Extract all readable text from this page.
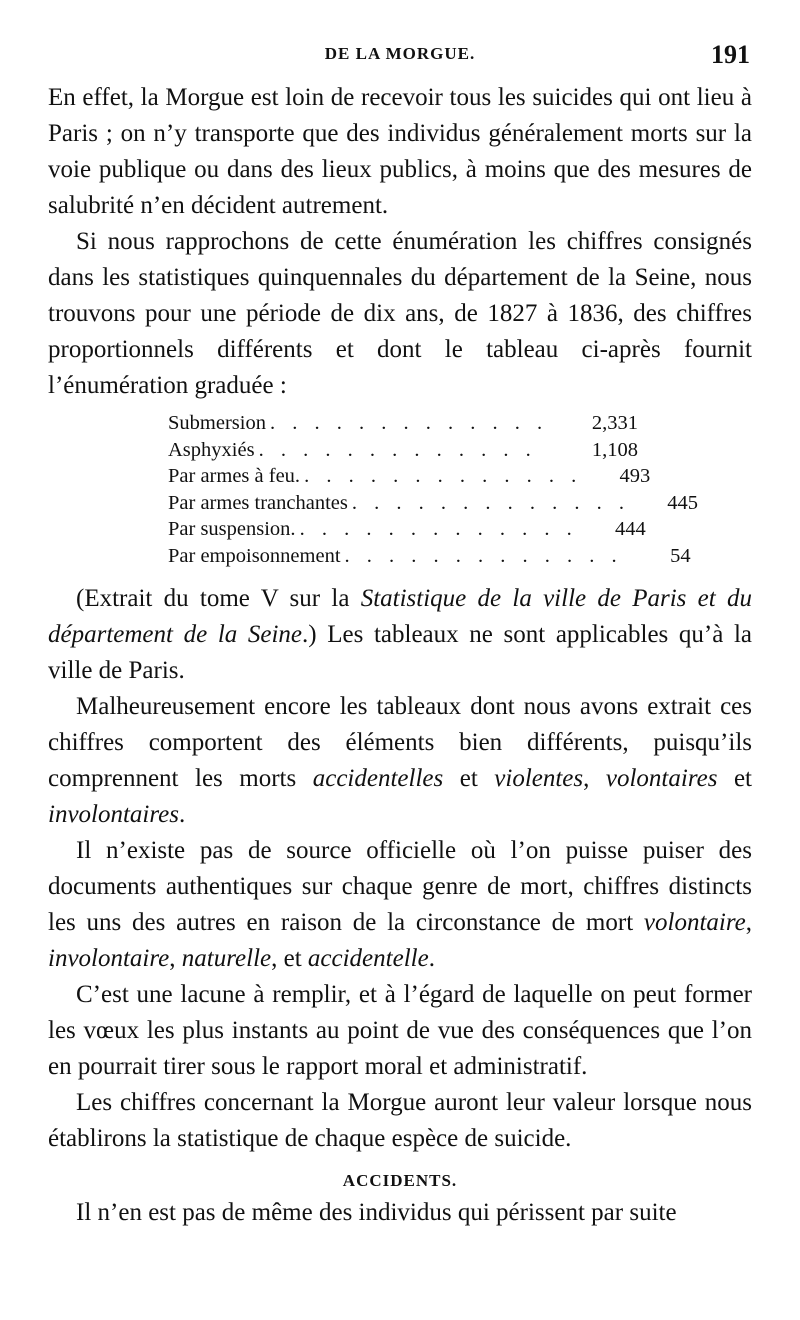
DE LA MORGUE.	191

En effet, la Morgue est loin de recevoir tous les suicides qui ont lieu à Paris ; on n’y transporte que des individus généralement morts sur la voie publique ou dans des lieux publics, à moins que des mesures de salubrité n’en décident autrement.

Si nous rapprochons de cette énumération les chiffres consignés dans les statistiques quinquennales du département de la Seine, nous trouvons pour une période de dix ans, de 1827 à 1836, des chiffres proportionnels différents et dont le tableau ci-après fournit l’énumération graduée :

Submersion . . . . . . . . . . . . .	2,331
Asphyxiés . . . . . . . . . . . . .	1,108
Par armes à feu. . . . . . . . . . . . . .	493
Par armes tranchantes . . . . . . . . . . . . .	445
Par suspension. . . . . . . . . . . . . .	444
Par empoisonnement . . . . . . . . . . . . .	54

(Extrait du tome V sur la Statistique de la ville de Paris et du département de la Seine.) Les tableaux ne sont applicables qu’à la ville de Paris.

Malheureusement encore les tableaux dont nous avons extrait ces chiffres comportent des éléments bien différents, puisqu’ils comprennent les morts accidentelles et violentes, volontaires et involontaires.

Il n’existe pas de source officielle où l’on puisse puiser des documents authentiques sur chaque genre de mort, chiffres distincts les uns des autres en raison de la circonstance de mort volontaire, involontaire, naturelle, et accidentelle.

C’est une lacune à remplir, et à l’égard de laquelle on peut former les vœux les plus instants au point de vue des conséquences que l’on en pourrait tirer sous le rapport moral et administratif.

Les chiffres concernant la Morgue auront leur valeur lorsque nous établirons la statistique de chaque espèce de suicide.

ACCIDENTS.

Il n’en est pas de même des individus qui périssent par suite
